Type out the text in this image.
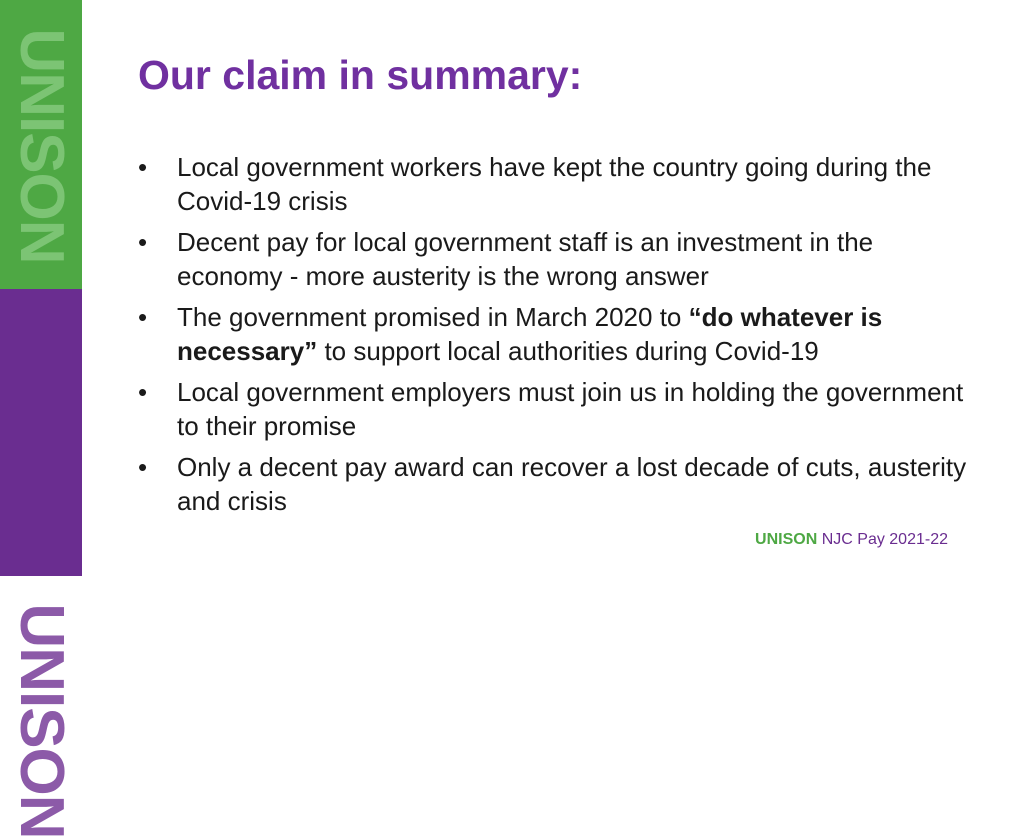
UNISON
UNISON
Our claim in summary:
• Local government workers have kept the country going during the Covid-19 crisis
• Decent pay for local government staff is an investment in the economy - more austerity is the wrong answer
• The government promised in March 2020 to “do whatever is necessary” to support local authorities during Covid-19
• Local government employers must join us in holding the government to their promise
• Only a decent pay award can recover a lost decade of cuts, austerity and crisis
UNISON NJC Pay 2021-22
